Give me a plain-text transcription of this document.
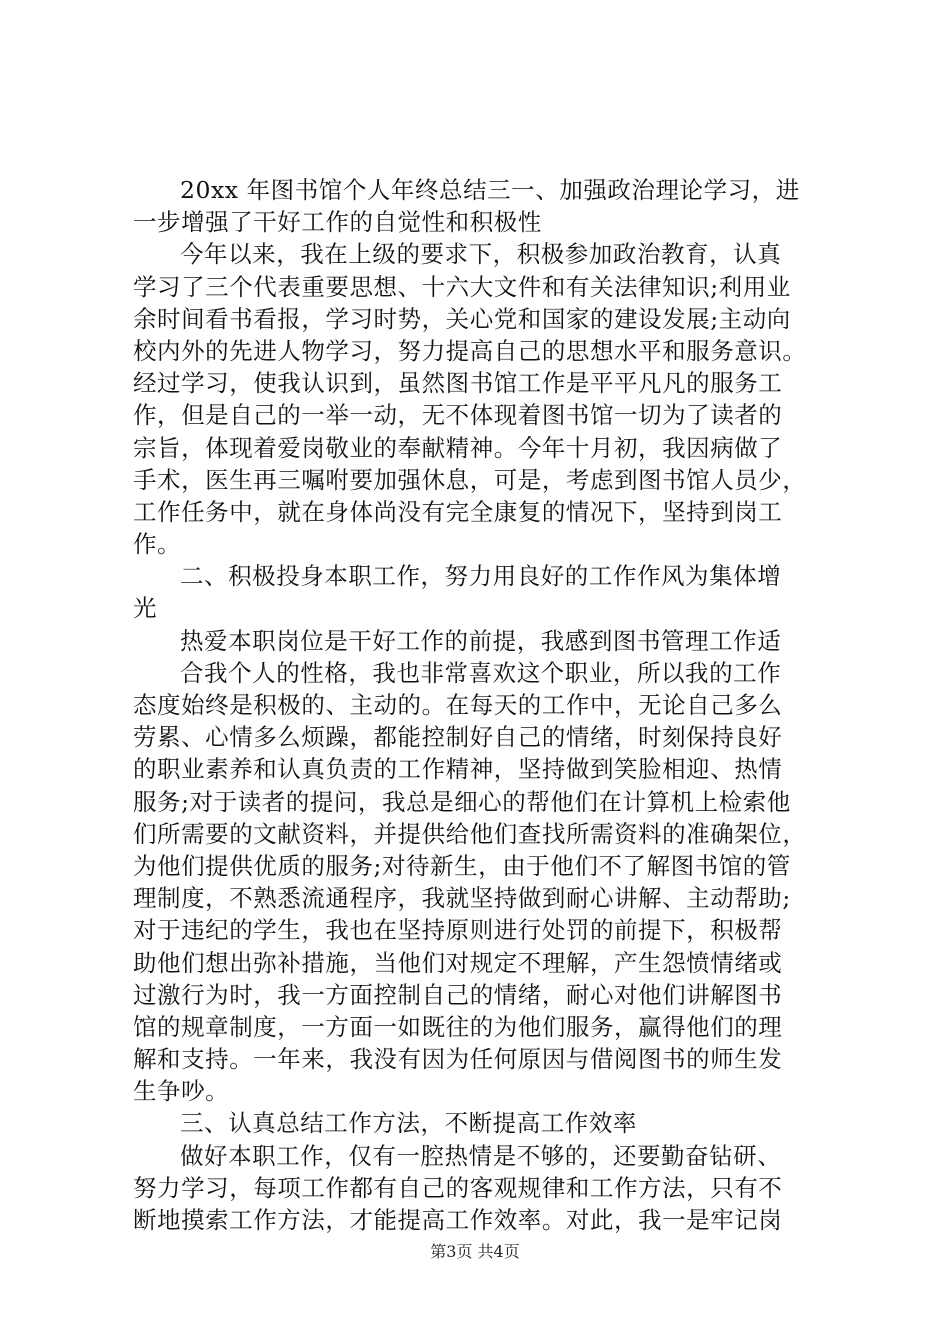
20xx 年图书馆个人年终总结三一、加强政治理论学习，进
一步增强了干好工作的自觉性和积极性
今年以来，我在上级的要求下，积极参加政治教育，认真
学习了三个代表重要思想、十六大文件和有关法律知识;利用业
余时间看书看报，学习时势，关心党和国家的建设发展;主动向
校内外的先进人物学习，努力提高自己的思想水平和服务意识。
经过学习，使我认识到，虽然图书馆工作是平平凡凡的服务工
作，但是自己的一举一动，无不体现着图书馆一切为了读者的
宗旨，体现着爱岗敬业的奉献精神。今年十月初，我因病做了
手术，医生再三嘱咐要加强休息，可是，考虑到图书馆人员少，
工作任务中，就在身体尚没有完全康复的情况下，坚持到岗工
作。
二、积极投身本职工作，努力用良好的工作作风为集体增
光
热爱本职岗位是干好工作的前提，我感到图书管理工作适
合我个人的性格，我也非常喜欢这个职业，所以我的工作
态度始终是积极的、主动的。在每天的工作中，无论自己多么
劳累、心情多么烦躁，都能控制好自己的情绪，时刻保持良好
的职业素养和认真负责的工作精神，坚持做到笑脸相迎、热情
服务;对于读者的提问，我总是细心的帮他们在计算机上检索他
们所需要的文献资料，并提供给他们查找所需资料的准确架位，
为他们提供优质的服务;对待新生，由于他们不了解图书馆的管
理制度，不熟悉流通程序，我就坚持做到耐心讲解、主动帮助;
对于违纪的学生，我也在坚持原则进行处罚的前提下，积极帮
助他们想出弥补措施，当他们对规定不理解，产生怨愤情绪或
过激行为时，我一方面控制自己的情绪，耐心对他们讲解图书
馆的规章制度，一方面一如既往的为他们服务，赢得他们的理
解和支持。一年来，我没有因为任何原因与借阅图书的师生发
生争吵。
三、认真总结工作方法，不断提高工作效率
做好本职工作，仅有一腔热情是不够的，还要勤奋钻研、
努力学习，每项工作都有自己的客观规律和工作方法，只有不
断地摸索工作方法，才能提高工作效率。对此，我一是牢记岗
第3页 共4页
